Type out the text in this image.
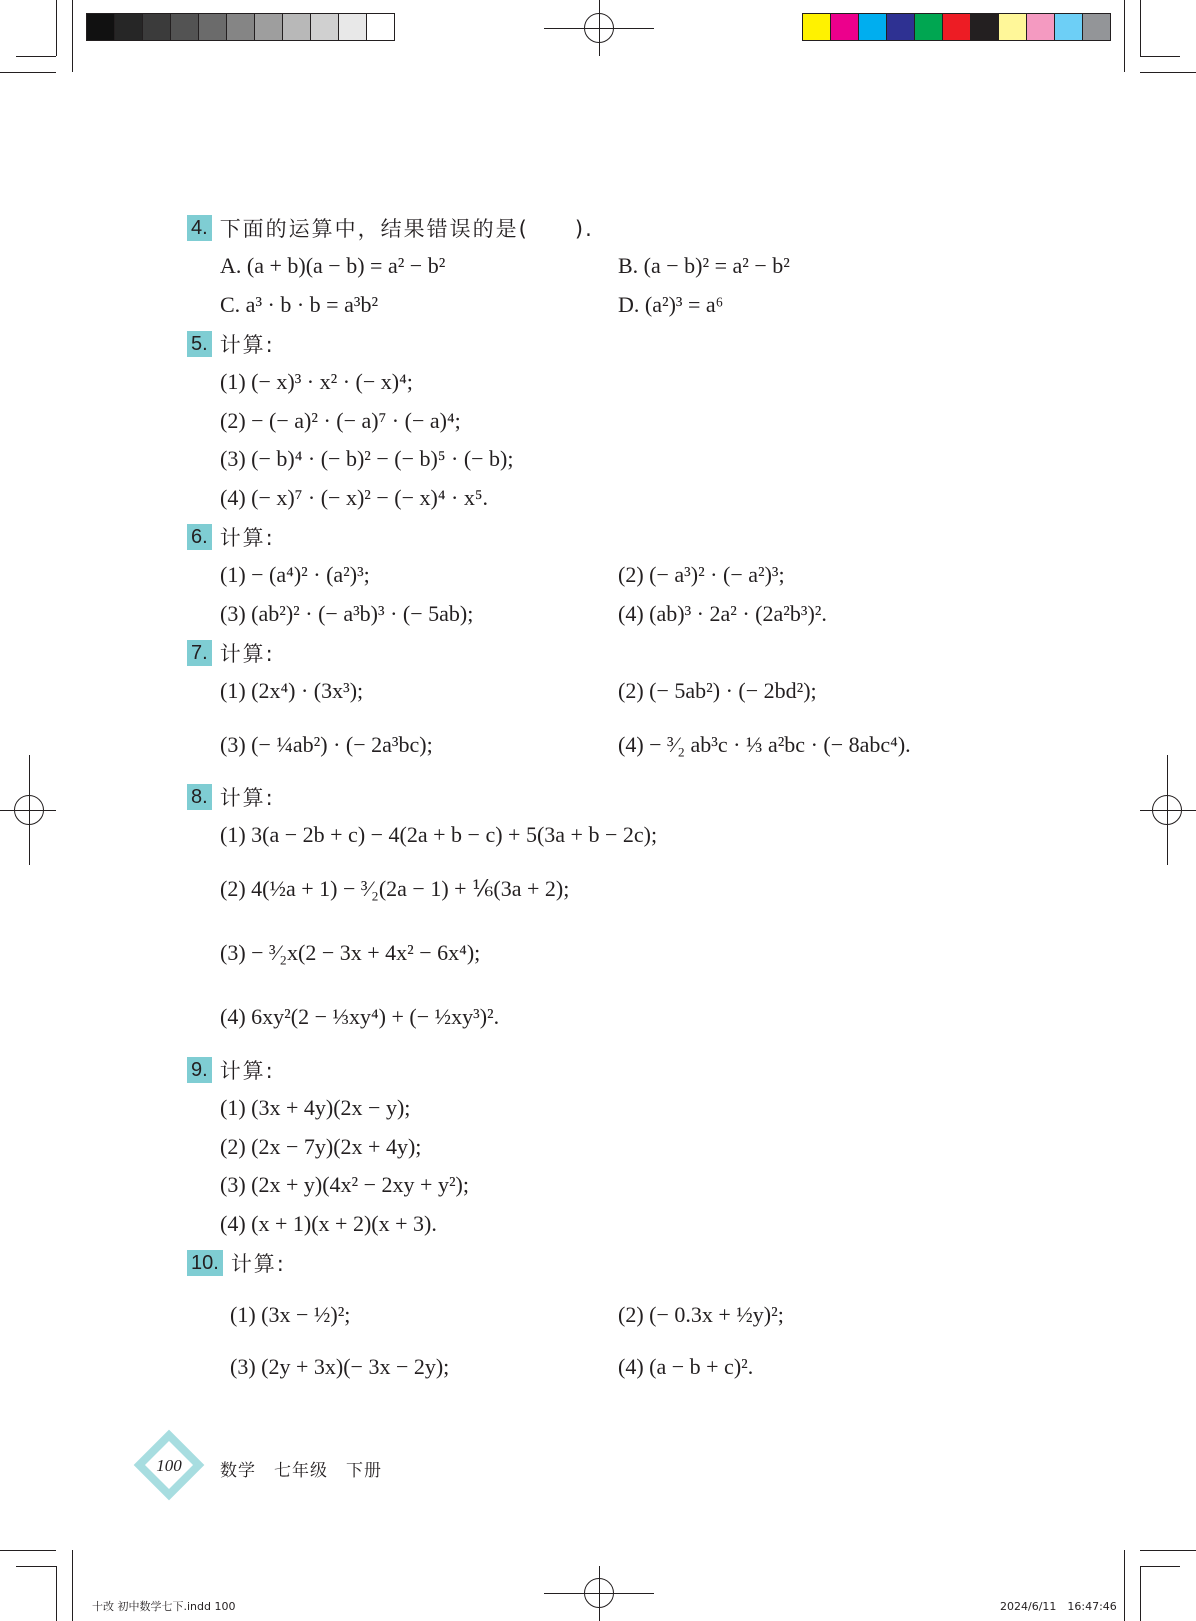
4. 下面的运算中，结果错误的是(　　).
A. (a + b)(a − b) = a² − b²	B. (a − b)² = a² − b²
C. a³ · b · b = a³b²	D. (a²)³ = a⁶
5. 计算:
(1) (− x)³ · x² · (− x)⁴;
(2) − (− a)² · (− a)⁷ · (− a)⁴;
(3) (− b)⁴ · (− b)² − (− b)⁵ · (− b);
(4) (− x)⁷ · (− x)² − (− x)⁴ · x⁵.
6. 计算:
(1) − (a⁴)² · (a²)³;	(2) (− a³)² · (− a²)³;
(3) (ab²)² · (− a³b)³ · (− 5ab);	(4) (ab)³ · 2a² · (2a²b³)².
7. 计算:
(1) (2x⁴) · (3x³);	(2) (− 5ab²) · (− 2bd²);
(3) (− ¼ab²) · (− 2a³bc);	(4) − ³⁄₂ ab³c · ⅓ a²bc · (− 8abc⁴).
8. 计算:
(1) 3(a − 2b + c) − 4(2a + b − c) + 5(3a + b − 2c);
(2) 4(½a + 1) − ³⁄₂(2a − 1) + ⅙(3a + 2);
(3) − ³⁄₂x(2 − 3x + 4x² − 6x⁴);
(4) 6xy²(2 − ⅓xy⁴) + (− ½xy³)².
9. 计算:
(1) (3x + 4y)(2x − y);
(2) (2x − 7y)(2x + 4y);
(3) (2x + y)(4x² − 2xy + y²);
(4) (x + 1)(x + 2)(x + 3).
10. 计算:
(1) (3x − ½)²;	(2) (− 0.3x + ½y)²;
(3) (2y + 3x)(− 3x − 2y);	(4) (a − b + c)².
100	数学　七年级　下册
十改 初中数学七下.indd 100	2024/6/11　16:47:46
